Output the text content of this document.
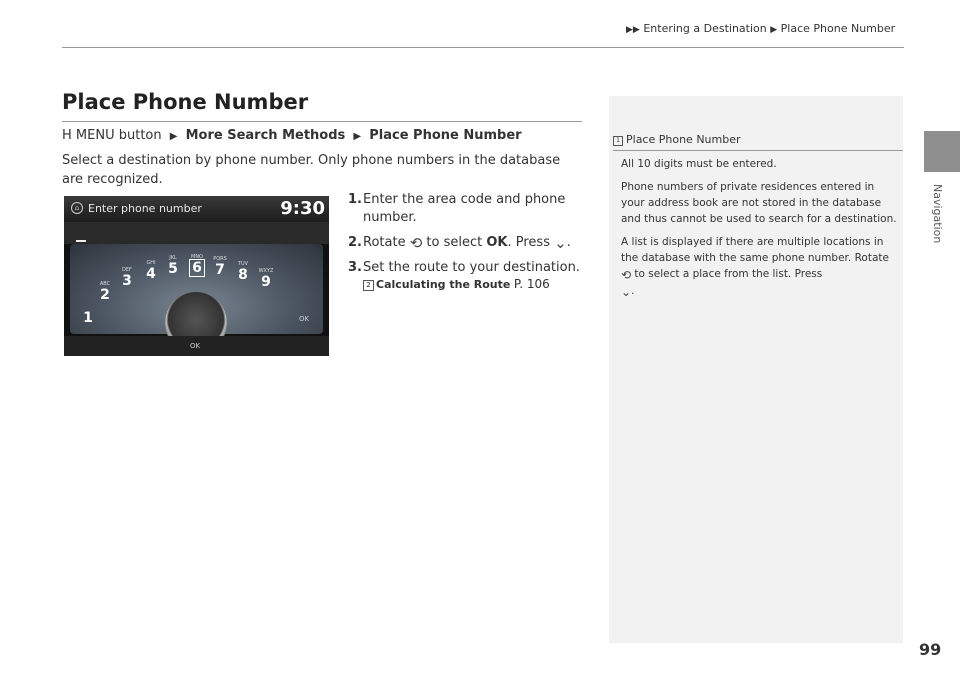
▶▶ Entering a Destination ▶ Place Phone Number
Navigation
Place Phone Number
H MENU button ▶ More Search Methods ▶ Place Phone Number
Select a destination by phone number. Only phone numbers in the database are recognized.
⌂ Enter phone number	9:30
1
ABC
2
DEF
3
GHI
4
JKL
5
MNO
6
PQRS
7	TUV
8	WXYZ
9
OK
OK
1. Enter the area code and phone number.
2. Rotate ⟲ to select OK. Press ⌄.
3. Set the route to your destination.
2 Calculating the Route P. 106
1 Place Phone Number

All 10 digits must be entered.

Phone numbers of private residences entered in your address book are not stored in the database and thus cannot be used to search for a destination.

A list is displayed if there are multiple locations in the database with the same phone number. Rotate ⟲ to select a place from the list. Press
⌄.

99
